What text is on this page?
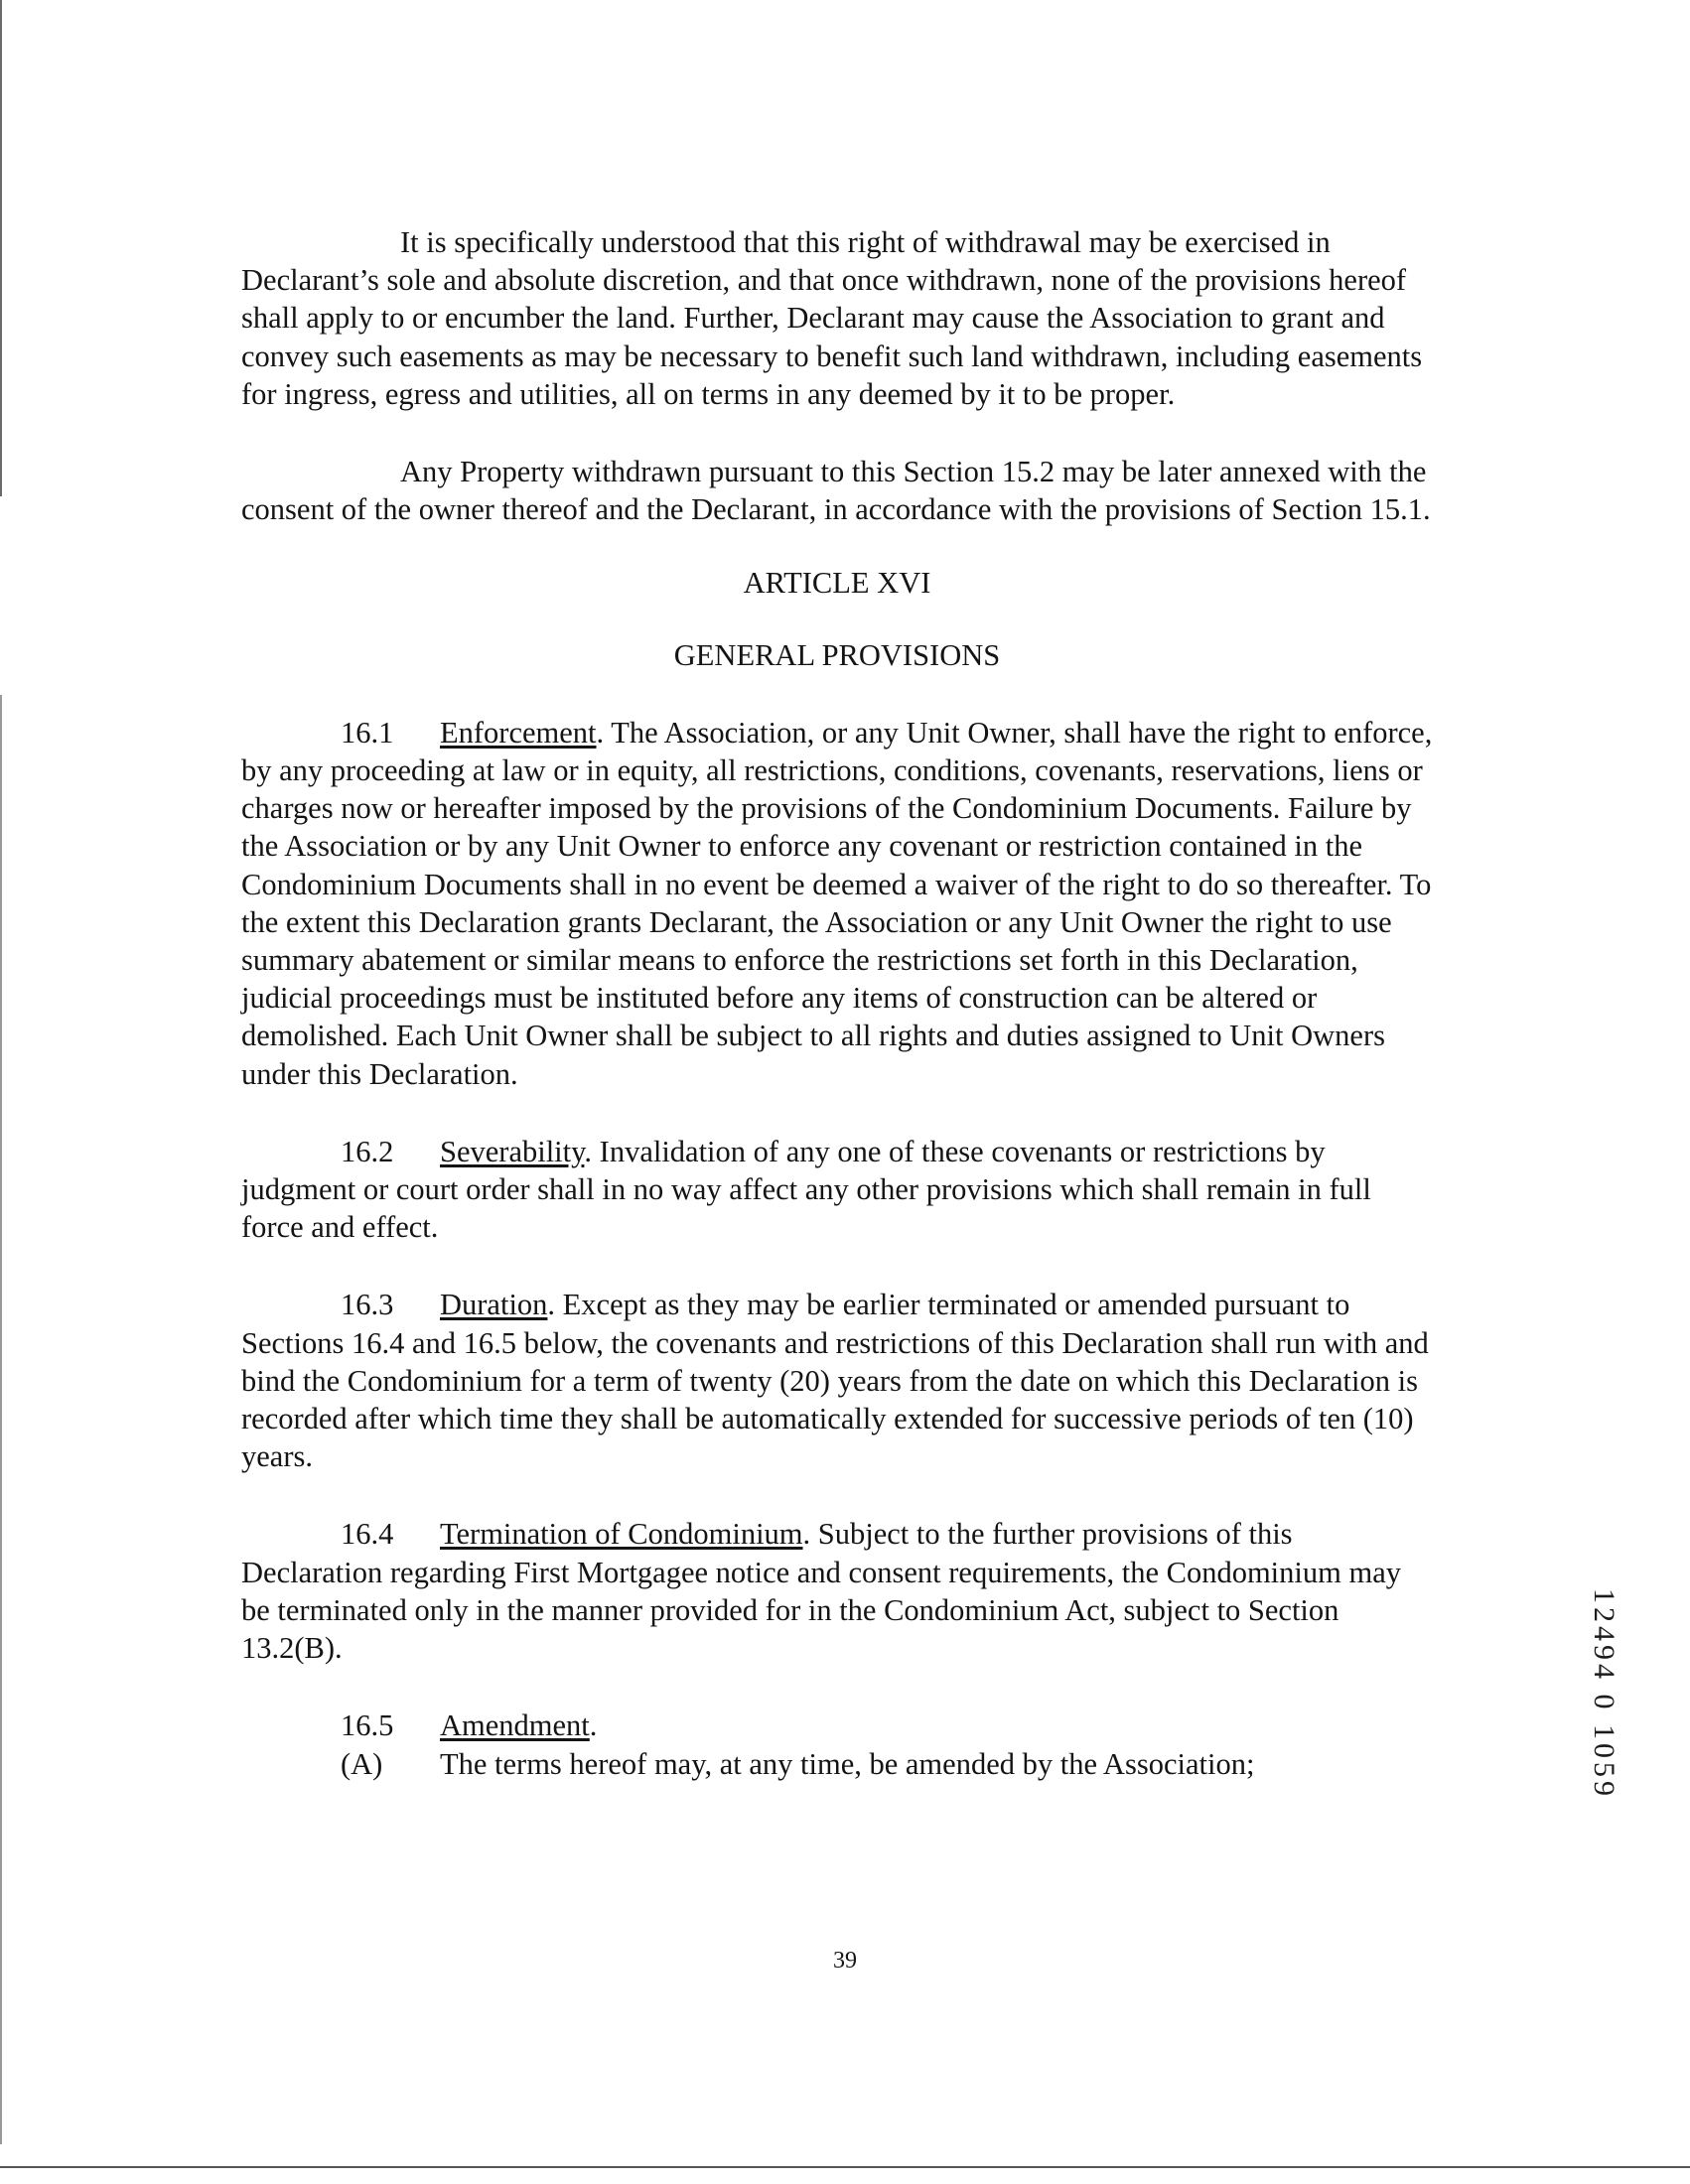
It is specifically understood that this right of withdrawal may be exercised in Declarant’s sole and absolute discretion, and that once withdrawn, none of the provisions hereof shall apply to or encumber the land. Further, Declarant may cause the Association to grant and convey such easements as may be necessary to benefit such land withdrawn, including easements for ingress, egress and utilities, all on terms in any deemed by it to be proper.

Any Property withdrawn pursuant to this Section 15.2 may be later annexed with the consent of the owner thereof and the Declarant, in accordance with the provisions of Section 15.1.

ARTICLE XVI

GENERAL PROVISIONS

16.1 Enforcement. The Association, or any Unit Owner, shall have the right to enforce, by any proceeding at law or in equity, all restrictions, conditions, covenants, reservations, liens or charges now or hereafter imposed by the provisions of the Condominium Documents. Failure by the Association or by any Unit Owner to enforce any covenant or restriction contained in the Condominium Documents shall in no event be deemed a waiver of the right to do so thereafter. To the extent this Declaration grants Declarant, the Association or any Unit Owner the right to use summary abatement or similar means to enforce the restrictions set forth in this Declaration, judicial proceedings must be instituted before any items of construction can be altered or demolished. Each Unit Owner shall be subject to all rights and duties assigned to Unit Owners under this Declaration.

16.2 Severability. Invalidation of any one of these covenants or restrictions by judgment or court order shall in no way affect any other provisions which shall remain in full force and effect.

16.3 Duration. Except as they may be earlier terminated or amended pursuant to Sections 16.4 and 16.5 below, the covenants and restrictions of this Declaration shall run with and bind the Condominium for a term of twenty (20) years from the date on which this Declaration is recorded after which time they shall be automatically extended for successive periods of ten (10) years.

16.4 Termination of Condominium. Subject to the further provisions of this Declaration regarding First Mortgagee notice and consent requirements, the Condominium may be terminated only in the manner provided for in the Condominium Act, subject to Section 13.2(B).

16.5 Amendment.

(A) The terms hereof may, at any time, be amended by the Association;

39
12494 0 1059
